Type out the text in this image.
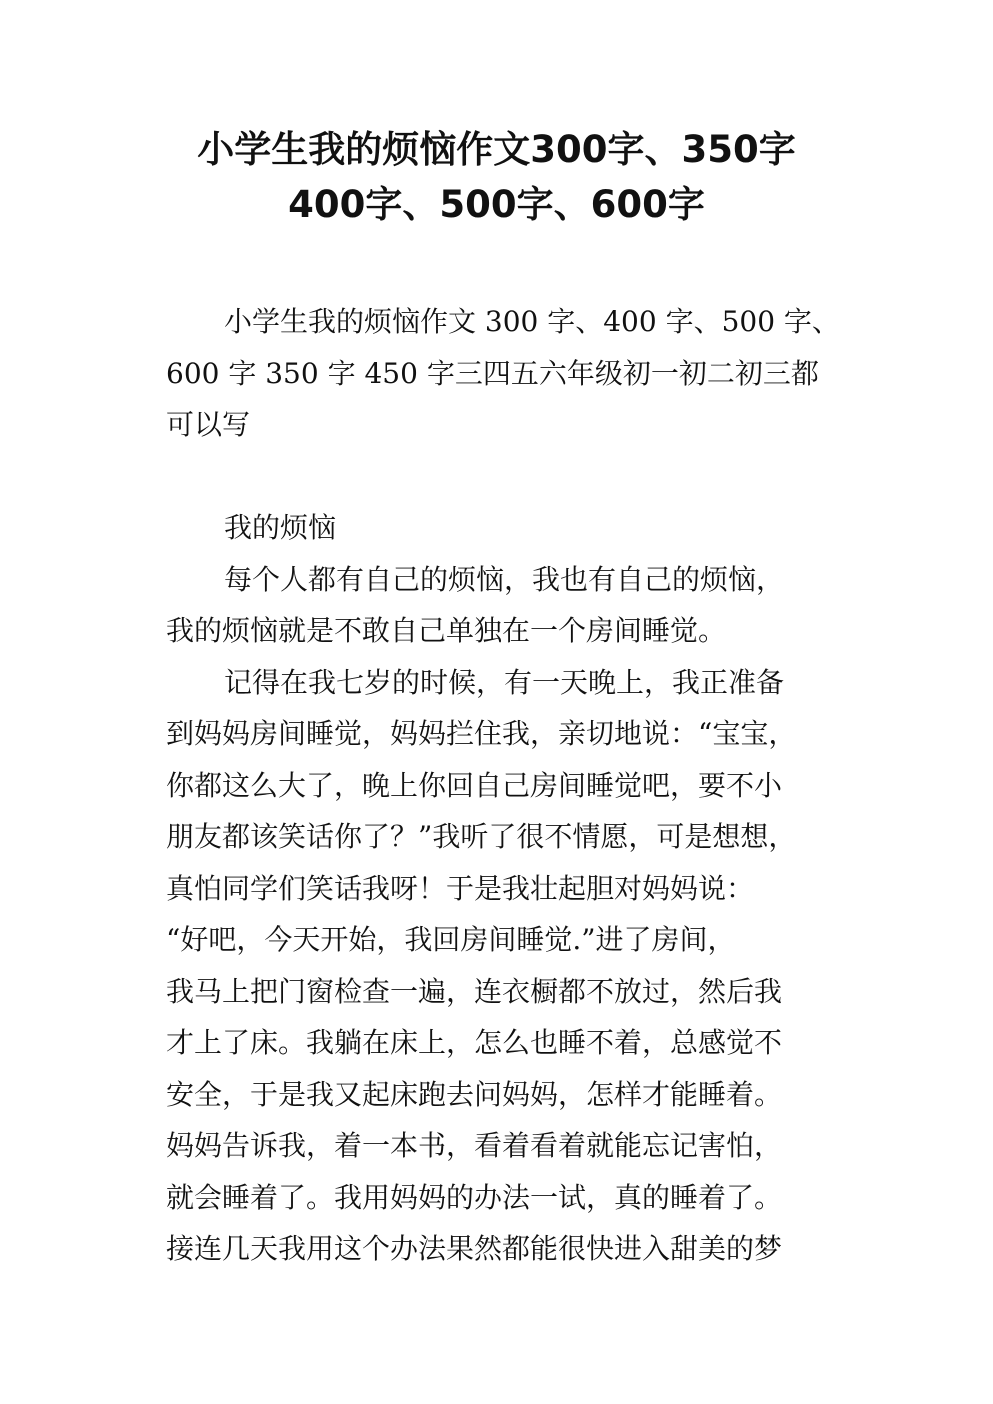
小学生我的烦恼作文300字、350字
400字、500字、600字
小学生我的烦恼作文 300 字、400 字、500 字、
600 字 350 字 450 字三四五六年级初一初二初三都
可以写
我的烦恼
每个人都有自己的烦恼，我也有自己的烦恼，
我的烦恼就是不敢自己单独在一个房间睡觉。
记得在我七岁的时候，有一天晚上，我正准备
到妈妈房间睡觉，妈妈拦住我，亲切地说：“宝宝，
你都这么大了，晚上你回自己房间睡觉吧，要不小
朋友都该笑话你了？”我听了很不情愿，可是想想，
真怕同学们笑话我呀！于是我壮起胆对妈妈说：
“好吧，今天开始，我回房间睡觉.”进了房间，
我马上把门窗检查一遍，连衣橱都不放过，然后我
才上了床。我躺在床上，怎么也睡不着，总感觉不
安全，于是我又起床跑去问妈妈，怎样才能睡着。
妈妈告诉我，着一本书，看着看着就能忘记害怕，
就会睡着了。我用妈妈的办法一试，真的睡着了。
接连几天我用这个办法果然都能很快进入甜美的梦
